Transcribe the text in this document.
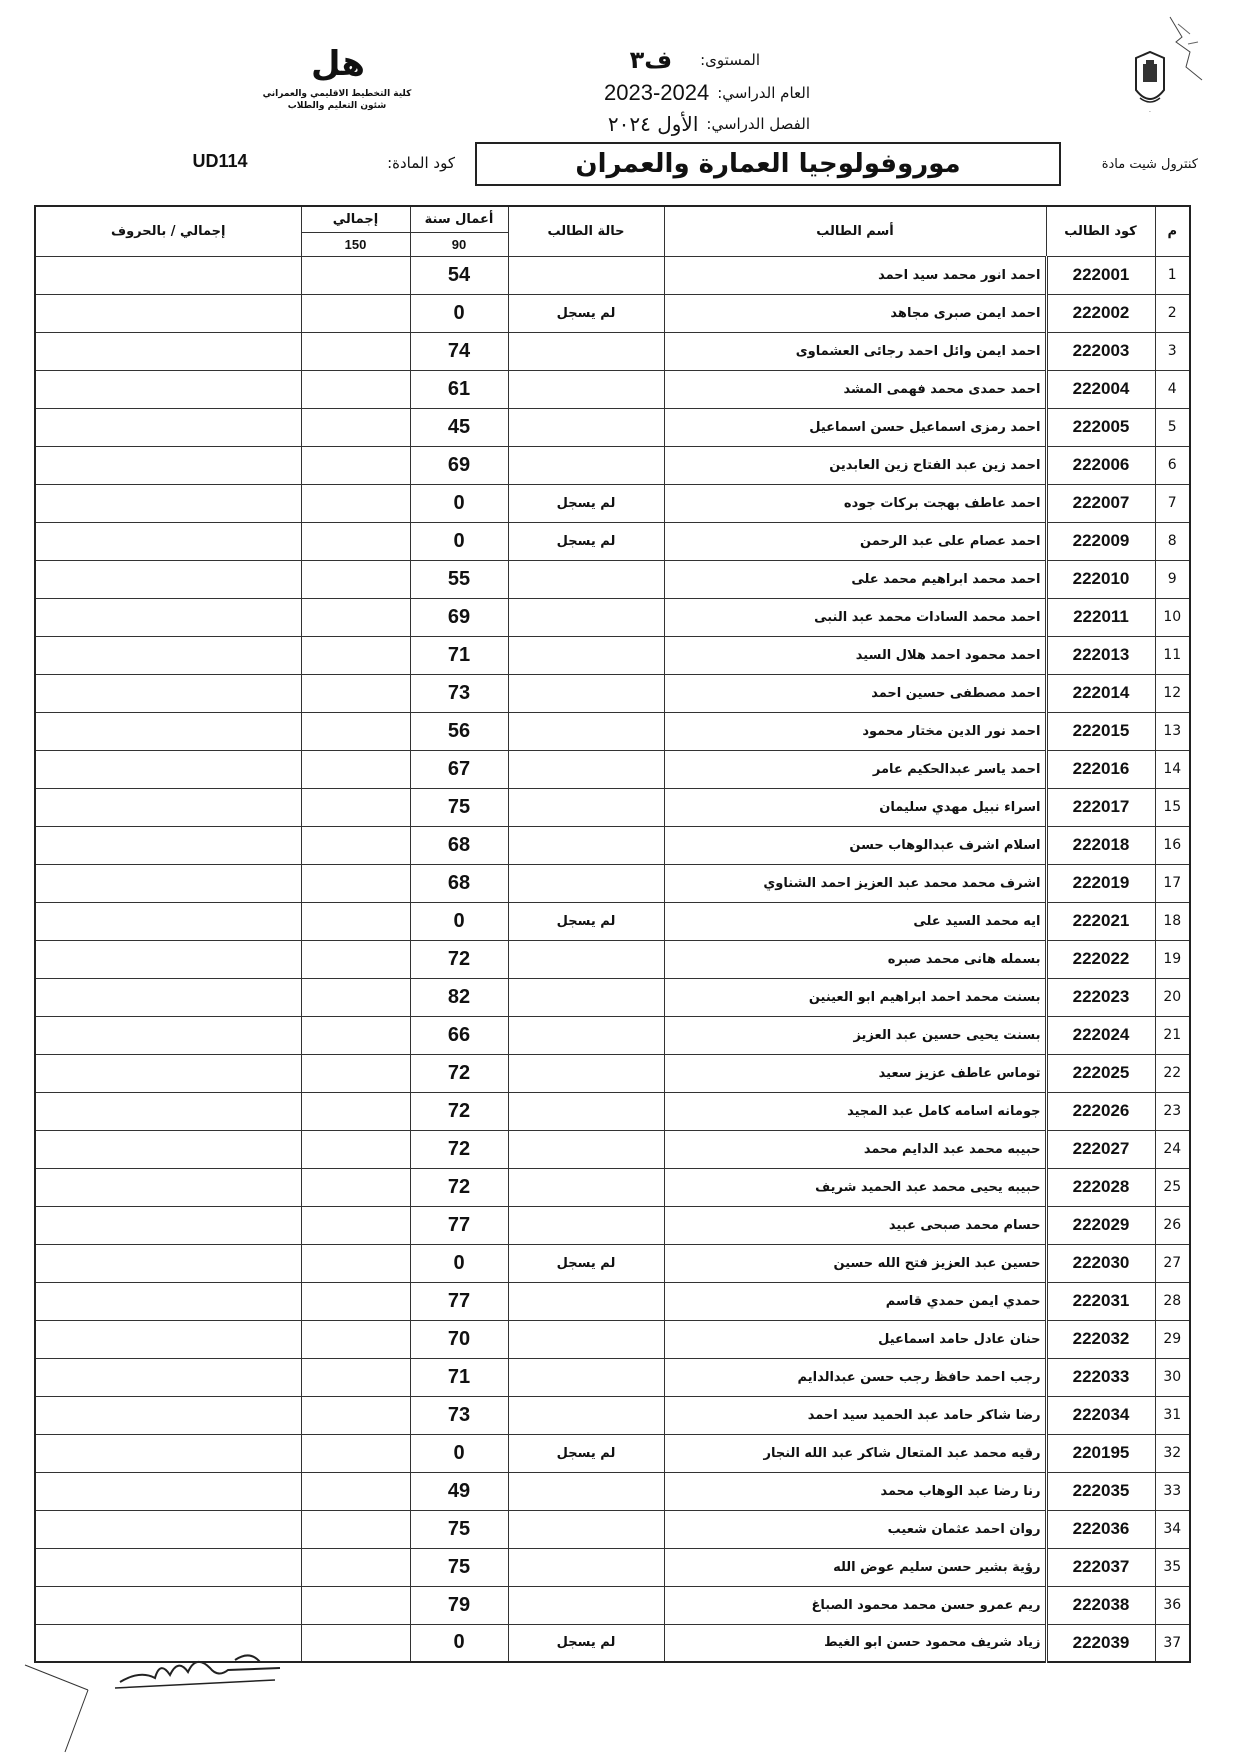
.
هل
كلية التخطيط الاقليمي والعمراني
شئون التعليم والطلاب
المستوى:
ف٣
العام الدراسي:
2023-2024
الفصل الدراسي:
الأول ٢٠٢٤
كنترول شيت مادة
موروفولوجيا العمارة والعمران
كود المادة:
UD114
م	كود الطالب	أسم الطالب	حالة الطالب	أعمال سنة	إجمالي	إجمالي / بالحروف
				90	150	
1	222001	احمد انور محمد سيد احمد		54		
2	222002	احمد ايمن صبرى مجاهد	لم يسجل	0		
3	222003	احمد ايمن وائل احمد رجائى العشماوى		74		
4	222004	احمد حمدى محمد فهمى المشد		61		
5	222005	احمد رمزى اسماعيل حسن اسماعيل		45		
6	222006	احمد زين عبد الفتاح زين العابدين		69		
7	222007	احمد عاطف بهجت بركات جوده	لم يسجل	0		
8	222009	احمد عصام على عبد الرحمن	لم يسجل	0		
9	222010	احمد محمد ابراهيم محمد على		55		
10	222011	احمد محمد السادات محمد عبد النبى		69		
11	222013	احمد محمود احمد هلال السيد		71		
12	222014	احمد مصطفى حسين احمد		73		
13	222015	احمد نور الدين مختار محمود		56		
14	222016	احمد ياسر عبدالحكيم عامر		67		
15	222017	اسراء نبيل مهدي سليمان		75		
16	222018	اسلام اشرف عبدالوهاب حسن		68		
17	222019	اشرف محمد محمد عبد العزيز احمد الشناوي		68		
18	222021	ايه محمد السيد على	لم يسجل	0		
19	222022	بسمله هانى محمد صبره		72		
20	222023	بسنت محمد احمد ابراهيم ابو العينين		82		
21	222024	بسنت يحيى حسين عبد العزيز		66		
22	222025	توماس عاطف عزيز سعيد		72		
23	222026	جومانه اسامه كامل عبد المجيد		72		
24	222027	حبيبه محمد عبد الدايم محمد		72		
25	222028	حبيبه يحيى محمد عبد الحميد شريف		72		
26	222029	حسام محمد صبحى عبيد		77		
27	222030	حسين عبد العزيز فتح الله حسين	لم يسجل	0		
28	222031	حمدي ايمن حمدي قاسم		77		
29	222032	حنان عادل حامد اسماعيل		70		
30	222033	رجب احمد حافظ رجب حسن عبدالدايم		71		
31	222034	رضا شاكر حامد عبد الحميد سيد احمد		73		
32	220195	رقيه محمد عبد المتعال شاكر عبد الله النجار	لم يسجل	0		
33	222035	رنا رضا عبد الوهاب محمد		49		
34	222036	روان احمد عثمان شعيب		75		
35	222037	رؤية بشير حسن سليم عوض الله		75		
36	222038	ريم عمرو حسن محمد محمود الصباغ		79		
37	222039	زياد شريف محمود حسن ابو الغيط	لم يسجل	0		
